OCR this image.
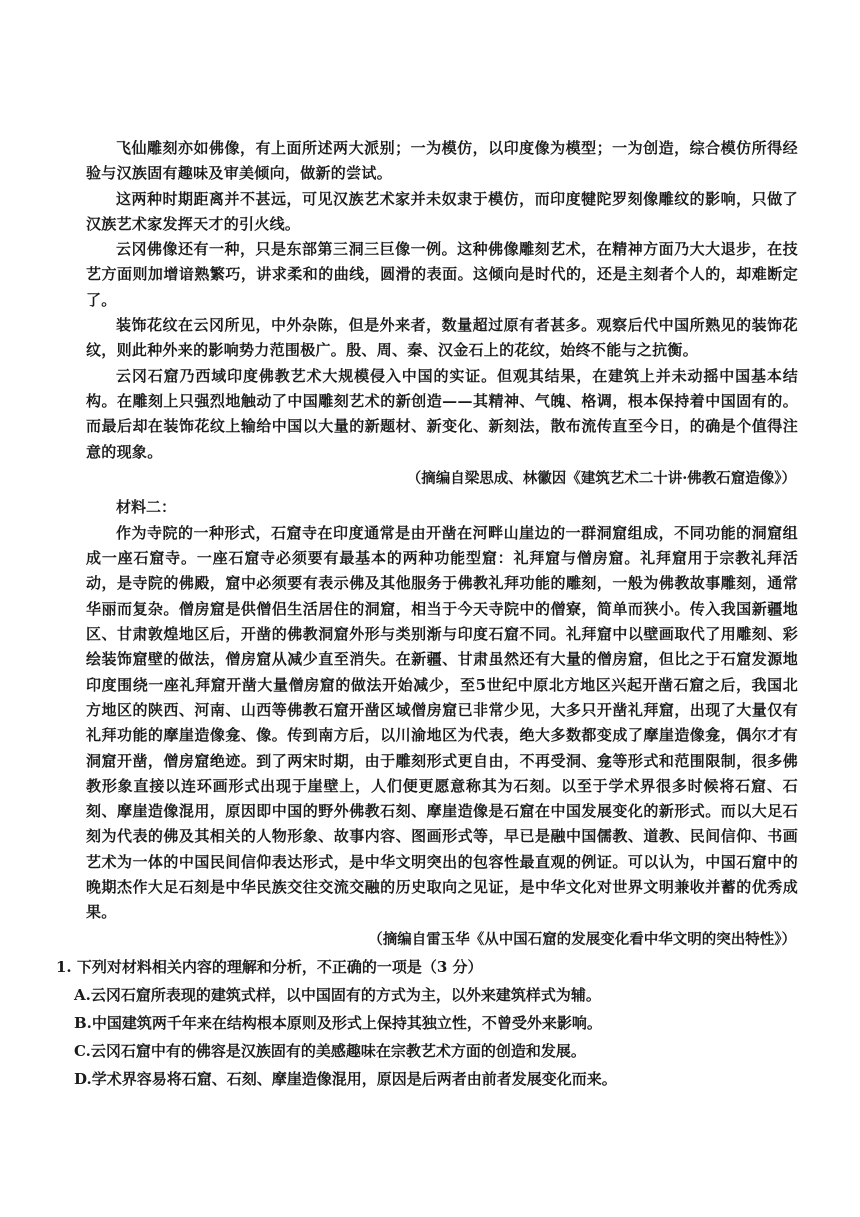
飞仙雕刻亦如佛像，有上面所述两大派别；一为模仿，以印度像为模型；一为创造，综合模仿所得经验与汉族固有趣味及审美倾向，做新的尝试。

这两种时期距离并不甚远，可见汉族艺术家并未奴隶于模仿，而印度犍陀罗刻像雕纹的影响，只做了汉族艺术家发挥天才的引火线。

云冈佛像还有一种，只是东部第三洞三巨像一例。这种佛像雕刻艺术，在精神方面乃大大退步，在技艺方面则加增谙熟繁巧，讲求柔和的曲线，圆滑的表面。这倾向是时代的，还是主刻者个人的，却难断定了。

装饰花纹在云冈所见，中外杂陈，但是外来者，数量超过原有者甚多。观察后代中国所熟见的装饰花纹，则此种外来的影响势力范围极广。殷、周、秦、汉金石上的花纹，始终不能与之抗衡。

云冈石窟乃西域印度佛教艺术大规模侵入中国的实证。但观其结果，在建筑上并未动摇中国基本结构。在雕刻上只强烈地触动了中国雕刻艺术的新创造——其精神、气魄、格调，根本保持着中国固有的。而最后却在装饰花纹上输给中国以大量的新题材、新变化、新刻法，散布流传直至今日，的确是个值得注意的现象。

（摘编自梁思成、林徽因《建筑艺术二十讲·佛教石窟造像》）

材料二：

作为寺院的一种形式，石窟寺在印度通常是由开凿在河畔山崖边的一群洞窟组成，不同功能的洞窟组成一座石窟寺。一座石窟寺必须要有最基本的两种功能型窟：礼拜窟与僧房窟。礼拜窟用于宗教礼拜活动，是寺院的佛殿，窟中必须要有表示佛及其他服务于佛教礼拜功能的雕刻，一般为佛教故事雕刻，通常华丽而复杂。僧房窟是供僧侣生活居住的洞窟，相当于今天寺院中的僧寮，简单而狭小。传入我国新疆地区、甘肃敦煌地区后，开凿的佛教洞窟外形与类别渐与印度石窟不同。礼拜窟中以壁画取代了用雕刻、彩绘装饰窟壁的做法，僧房窟从减少直至消失。在新疆、甘肃虽然还有大量的僧房窟，但比之于石窟发源地印度围绕一座礼拜窟开凿大量僧房窟的做法开始减少，至5世纪中原北方地区兴起开凿石窟之后，我国北方地区的陕西、河南、山西等佛教石窟开凿区域僧房窟已非常少见，大多只开凿礼拜窟，出现了大量仅有礼拜功能的摩崖造像龛、像。传到南方后，以川渝地区为代表，绝大多数都变成了摩崖造像龛，偶尔才有洞窟开凿，僧房窟绝迹。到了两宋时期，由于雕刻形式更自由，不再受洞、龛等形式和范围限制，很多佛教形象直接以连环画形式出现于崖壁上，人们便更愿意称其为石刻。以至于学术界很多时候将石窟、石刻、摩崖造像混用，原因即中国的野外佛教石刻、摩崖造像是石窟在中国发展变化的新形式。而以大足石刻为代表的佛及其相关的人物形象、故事内容、图画形式等，早已是融中国儒教、道教、民间信仰、书画艺术为一体的中国民间信仰表达形式，是中华文明突出的包容性最直观的例证。可以认为，中国石窟中的晚期杰作大足石刻是中华民族交往交流交融的历史取向之见证，是中华文化对世界文明兼收并蓄的优秀成果。

（摘编自雷玉华《从中国石窟的发展变化看中华文明的突出特性》）

1. 下列对材料相关内容的理解和分析，不正确的一项是（3 分）

A.云冈石窟所表现的建筑式样，以中国固有的方式为主，以外来建筑样式为辅。
B.中国建筑两千年来在结构根本原则及形式上保持其独立性，不曾受外来影响。
C.云冈石窟中有的佛容是汉族固有的美感趣味在宗教艺术方面的创造和发展。
D.学术界容易将石窟、石刻、摩崖造像混用，原因是后两者由前者发展变化而来。
